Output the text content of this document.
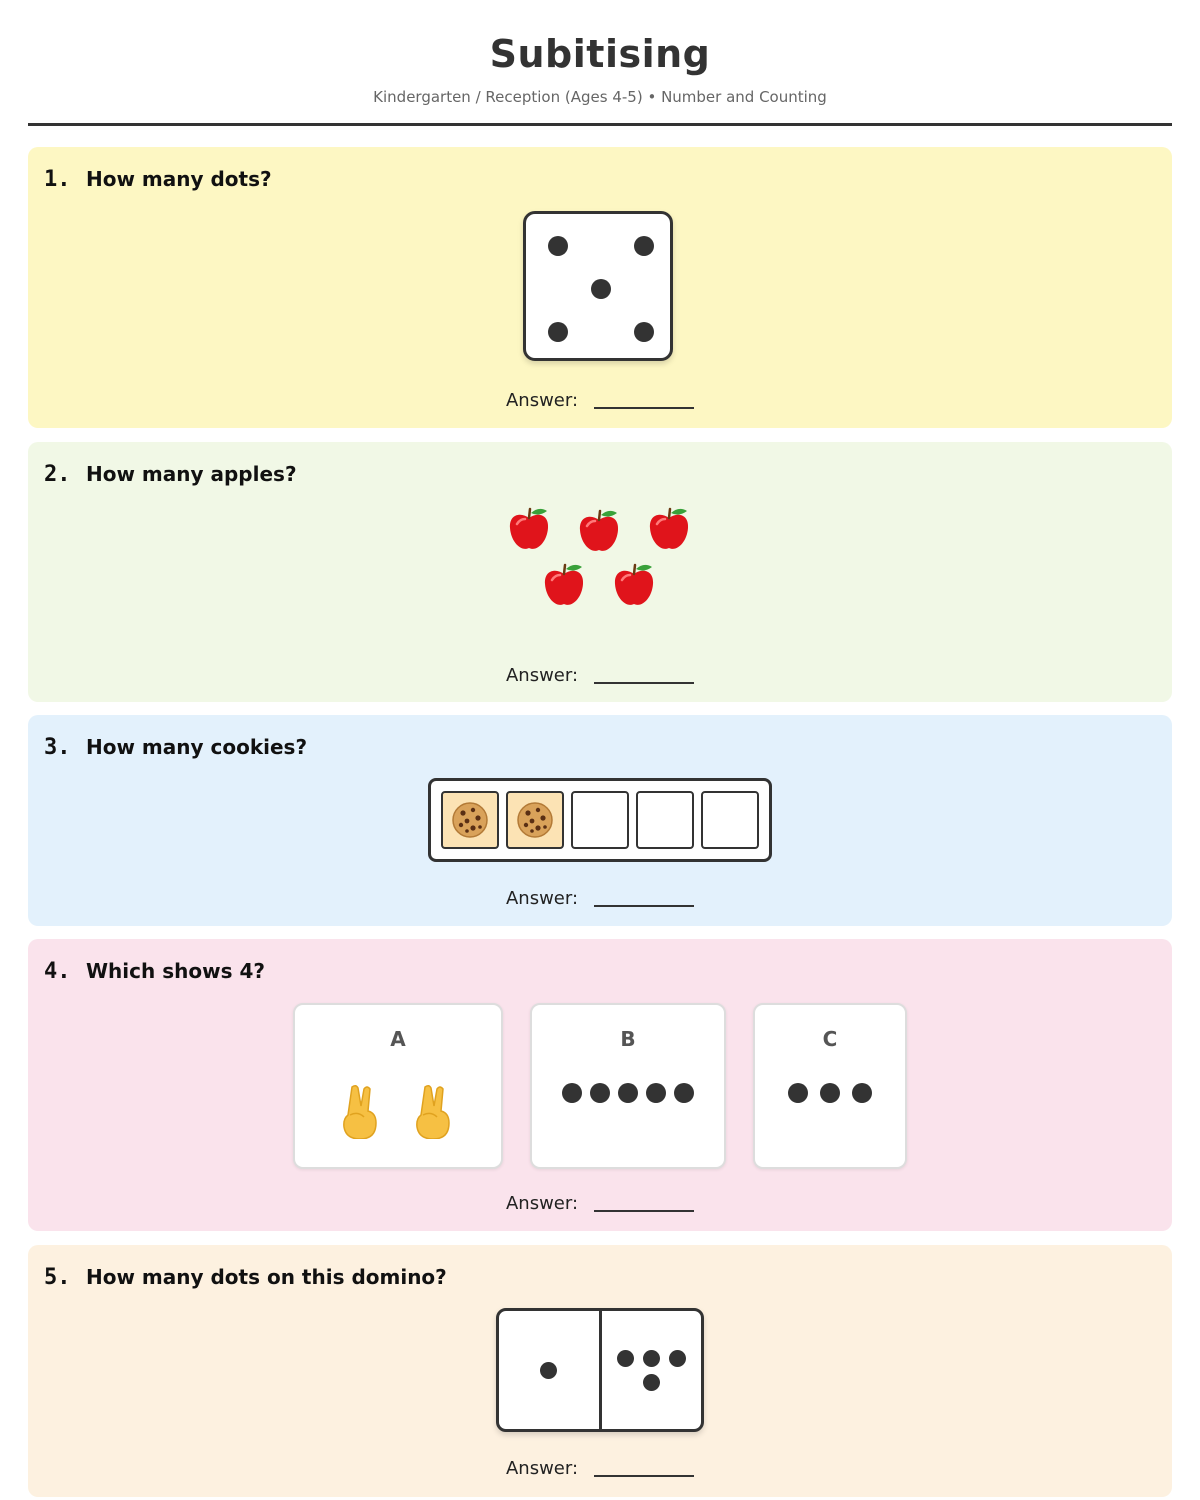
Subitising
Kindergarten / Reception (Ages 4-5) • Number and Counting
1. How many dots?
Answer:
2. How many apples?
Answer:
3. How many cookies?
Answer:
4. Which shows 4?
A	B	C
Answer:
5. How many dots on this domino?
Answer:
